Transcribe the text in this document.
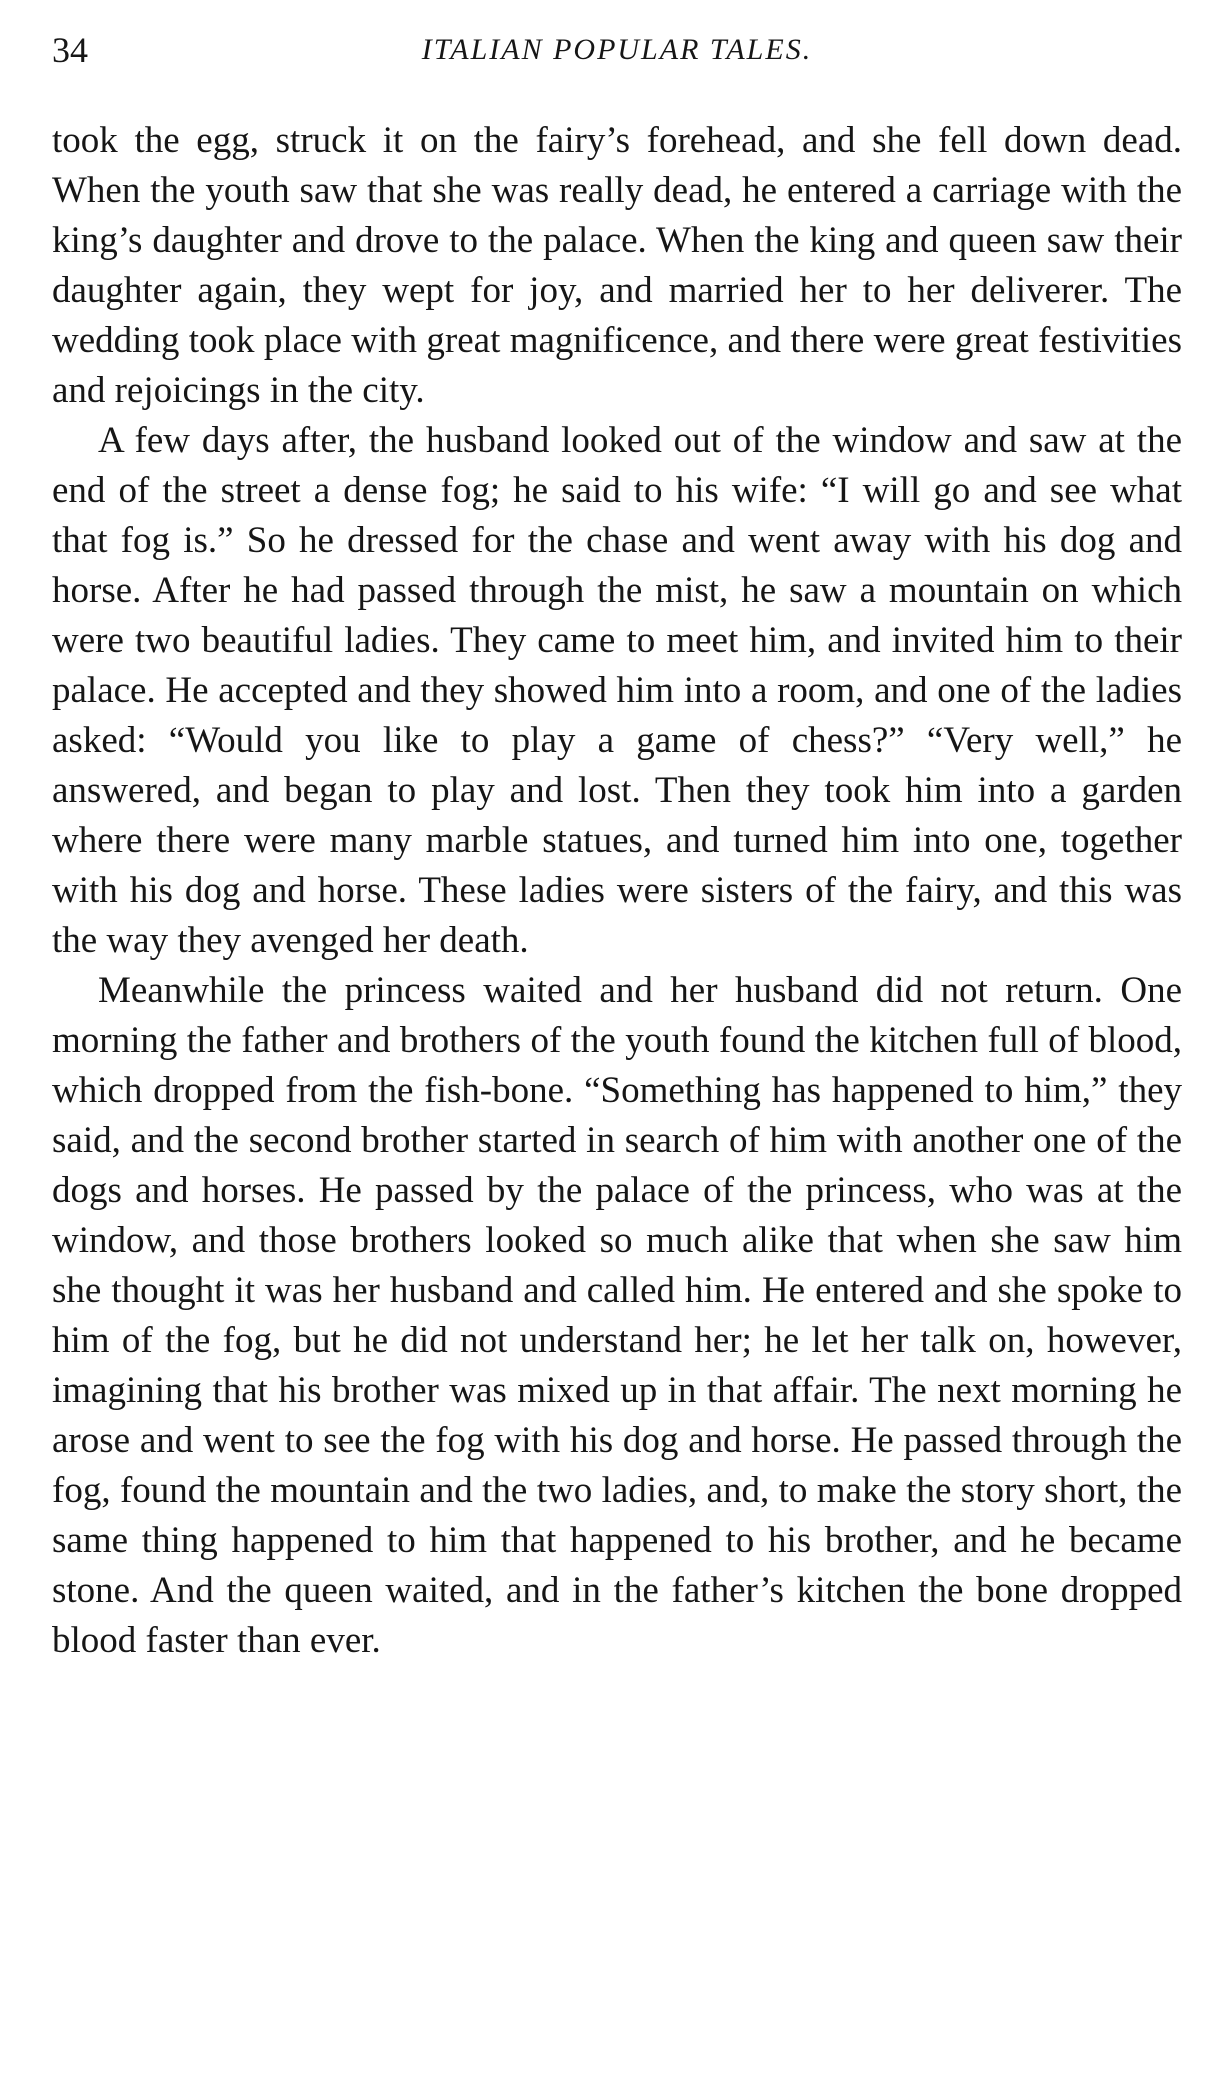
34	ITALIAN POPULAR TALES.

took the egg, struck it on the fairy’s forehead, and she fell down dead. When the youth saw that she was really dead, he entered a carriage with the king’s daughter and drove to the palace. When the king and queen saw their daughter again, they wept for joy, and married her to her deliverer. The wedding took place with great magnificence, and there were great festivities and rejoicings in the city.

A few days after, the husband looked out of the window and saw at the end of the street a dense fog; he said to his wife: “I will go and see what that fog is.” So he dressed for the chase and went away with his dog and horse. After he had passed through the mist, he saw a mountain on which were two beautiful ladies. They came to meet him, and invited him to their palace. He accepted and they showed him into a room, and one of the ladies asked: “Would you like to play a game of chess?” “Very well,” he answered, and began to play and lost. Then they took him into a garden where there were many marble statues, and turned him into one, together with his dog and horse. These ladies were sisters of the fairy, and this was the way they avenged her death.

Meanwhile the princess waited and her husband did not return. One morning the father and brothers of the youth found the kitchen full of blood, which dropped from the fish-bone. “Something has happened to him,” they said, and the second brother started in search of him with another one of the dogs and horses. He passed by the palace of the princess, who was at the window, and those brothers looked so much alike that when she saw him she thought it was her husband and called him. He entered and she spoke to him of the fog, but he did not understand her; he let her talk on, however, imagining that his brother was mixed up in that affair. The next morning he arose and went to see the fog with his dog and horse. He passed through the fog, found the mountain and the two ladies, and, to make the story short, the same thing happened to him that happened to his brother, and he became stone. And the queen waited, and in the father’s kitchen the bone dropped blood faster than ever.
